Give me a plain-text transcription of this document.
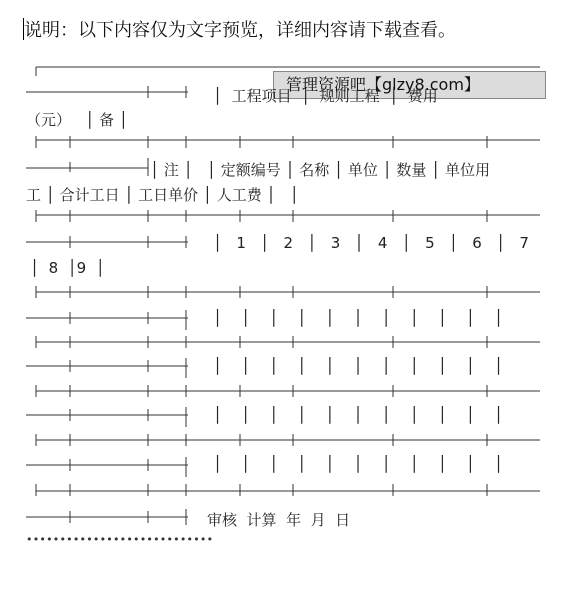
说明：以下内容仅为文字预览，详细内容请下载查看。
管理资源吧【glzy8.com】
│  工程项目  │  规则工程  │  费用
（元）   │ 备 │
│ 注 │   │ 定额编号 │ 名称 │ 单位 │ 数量 │ 单位用
工 │ 合计工日 │ 工日单价 │ 人工费 │   │
│   1   │   2   │   3   │   4   │   5   │   6   │   7
│  8  │9  │
│    │    │    │    │    │    │    │    │    │    │
│    │    │    │    │    │    │    │    │    │    │
│    │    │    │    │    │    │    │    │    │    │
│    │    │    │    │    │    │    │    │    │    │
审核  计算  年  月  日
••••••••••••••••••••••••••••
